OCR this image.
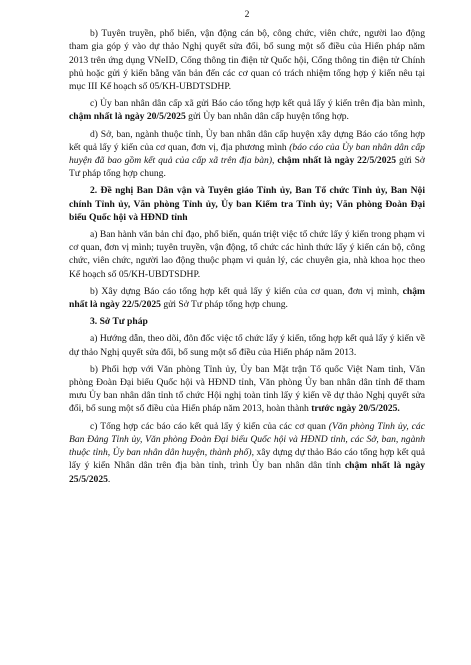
2

b) Tuyên truyền, phổ biến, vận động cán bộ, công chức, viên chức, người lao động tham gia góp ý vào dự thảo Nghị quyết sửa đổi, bổ sung một số điều của Hiến pháp năm 2013 trên ứng dụng VNeID, Cổng thông tin điện tử Quốc hội, Cổng thông tin điện tử Chính phủ hoặc gửi ý kiến bằng văn bản đến các cơ quan có trách nhiệm tổng hợp ý kiến nêu tại mục III Kế hoạch số 05/KH-UBDTSDHP.

c) Ủy ban nhân dân cấp xã gửi Báo cáo tổng hợp kết quả lấy ý kiến trên địa bàn mình, chậm nhất là ngày 20/5/2025 gửi Ủy ban nhân dân cấp huyện tổng hợp.

d) Sở, ban, ngành thuộc tỉnh, Ủy ban nhân dân cấp huyện xây dựng Báo cáo tổng hợp kết quả lấy ý kiến của cơ quan, đơn vị, địa phương mình (báo cáo của Ủy ban nhân dân cấp huyện đã bao gồm kết quả của cấp xã trên địa bàn), chậm nhất là ngày 22/5/2025 gửi Sở Tư pháp tổng hợp chung.

2. Đề nghị Ban Dân vận và Tuyên giáo Tỉnh ủy, Ban Tổ chức Tỉnh ủy, Ban Nội chính Tỉnh ủy, Văn phòng Tỉnh ủy, Ủy ban Kiểm tra Tỉnh ủy; Văn phòng Đoàn Đại biểu Quốc hội và HĐND tỉnh

a) Ban hành văn bản chỉ đạo, phổ biến, quán triệt việc tổ chức lấy ý kiến trong phạm vi cơ quan, đơn vị mình; tuyên truyền, vận động, tổ chức các hình thức lấy ý kiến cán bộ, công chức, viên chức, người lao động thuộc phạm vi quản lý, các chuyên gia, nhà khoa học theo Kế hoạch số 05/KH-UBDTSDHP.

b) Xây dựng Báo cáo tổng hợp kết quả lấy ý kiến của cơ quan, đơn vị mình, chậm nhất là ngày 22/5/2025 gửi Sở Tư pháp tổng hợp chung.

3. Sở Tư pháp

a) Hướng dẫn, theo dõi, đôn đốc việc tổ chức lấy ý kiến, tổng hợp kết quả lấy ý kiến về dự thảo Nghị quyết sửa đổi, bổ sung một số điều của Hiến pháp năm 2013.

b) Phối hợp với Văn phòng Tỉnh ủy, Ủy ban Mặt trận Tổ quốc Việt Nam tỉnh, Văn phòng Đoàn Đại biểu Quốc hội và HĐND tỉnh, Văn phòng Ủy ban nhân dân tỉnh để tham mưu Ủy ban nhân dân tỉnh tổ chức Hội nghị toàn tỉnh lấy ý kiến về dự thảo Nghị quyết sửa đổi, bổ sung một số điều của Hiến pháp năm 2013, hoàn thành trước ngày 20/5/2025.

c) Tổng hợp các báo cáo kết quả lấy ý kiến của các cơ quan (Văn phòng Tỉnh ủy, các Ban Đảng Tỉnh ủy, Văn phòng Đoàn Đại biểu Quốc hội và HĐND tỉnh, các Sở, ban, ngành thuộc tỉnh, Ủy ban nhân dân huyện, thành phố), xây dựng dự thảo Báo cáo tổng hợp kết quả lấy ý kiến Nhân dân trên địa bàn tỉnh, trình Ủy ban nhân dân tỉnh chậm nhất là ngày 25/5/2025.
